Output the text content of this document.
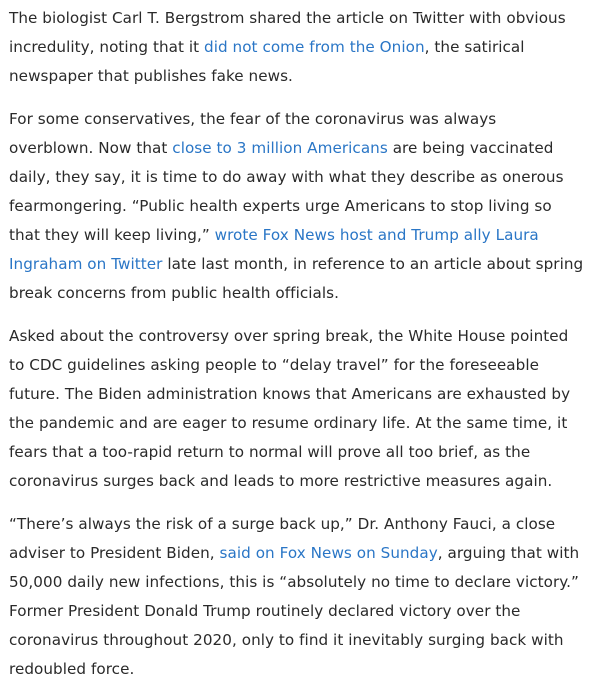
The biologist Carl T. Bergstrom shared the article on Twitter with obvious incredulity, noting that it did not come from the Onion, the satirical newspaper that publishes fake news.

For some conservatives, the fear of the coronavirus was always overblown. Now that close to 3 million Americans are being vaccinated daily, they say, it is time to do away with what they describe as onerous fearmongering. “Public health experts urge Americans to stop living so that they will keep living,” wrote Fox News host and Trump ally Laura Ingraham on Twitter late last month, in reference to an article about spring break concerns from public health officials.

Asked about the controversy over spring break, the White House pointed to CDC guidelines asking people to “delay travel” for the foreseeable future. The Biden administration knows that Americans are exhausted by the pandemic and are eager to resume ordinary life. At the same time, it fears that a too-rapid return to normal will prove all too brief, as the coronavirus surges back and leads to more restrictive measures again.

“There’s always the risk of a surge back up,” Dr. Anthony Fauci, a close adviser to President Biden, said on Fox News on Sunday, arguing that with 50,000 daily new infections, this is “absolutely no time to declare victory.” Former President Donald Trump routinely declared victory over the coronavirus throughout 2020, only to find it inevitably surging back with redoubled force.
